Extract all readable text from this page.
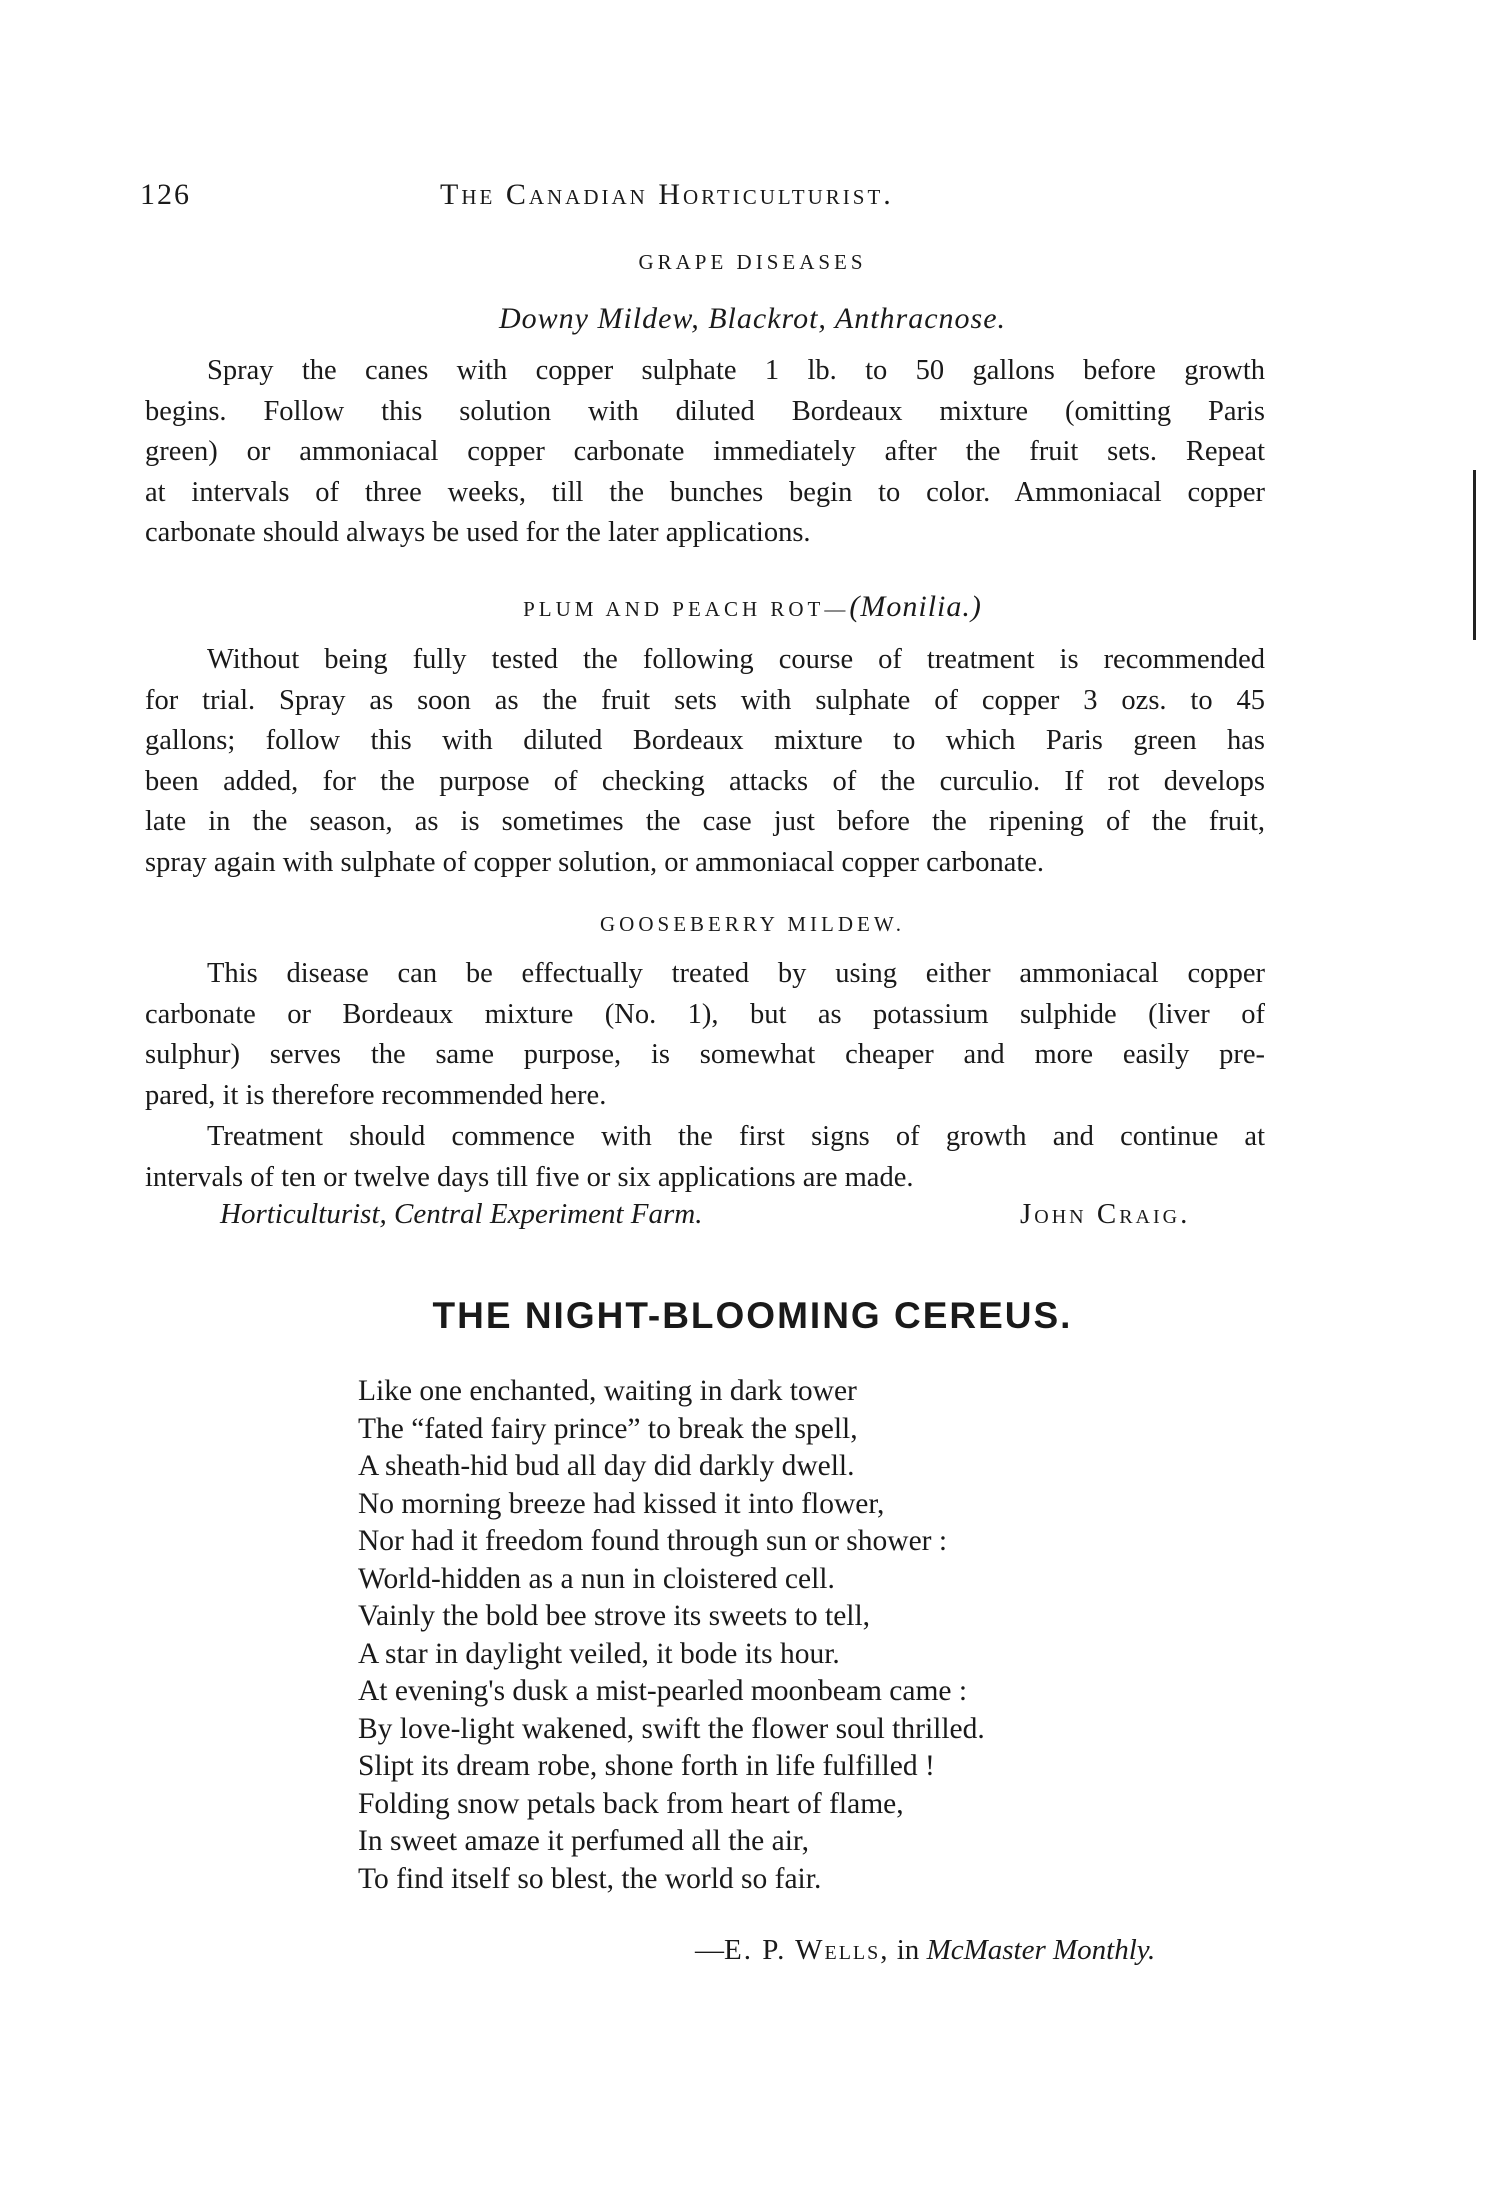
126	The Canadian Horticulturist.
GRAPE DISEASES
Downy Mildew, Blackrot, Anthracnose.
Spray the canes with copper sulphate 1 lb. to 50 gallons before growth
begins. Follow this solution with diluted Bordeaux mixture (omitting Paris
green) or ammoniacal copper carbonate immediately after the fruit sets. Repeat
at intervals of three weeks, till the bunches begin to color. Ammoniacal copper
carbonate should always be used for the later applications.
PLUM AND PEACH ROT—(Monilia.)
Without being fully tested the following course of treatment is recommended
for trial. Spray as soon as the fruit sets with sulphate of copper 3 ozs. to 45
gallons; follow this with diluted Bordeaux mixture to which Paris green has
been added, for the purpose of checking attacks of the curculio. If rot develops
late in the season, as is sometimes the case just before the ripening of the fruit,
spray again with sulphate of copper solution, or ammoniacal copper carbonate.
GOOSEBERRY MILDEW.
This disease can be effectually treated by using either ammoniacal copper
carbonate or Bordeaux mixture (No. 1), but as potassium sulphide (liver of
sulphur) serves the same purpose, is somewhat cheaper and more easily pre-
pared, it is therefore recommended here.
Treatment should commence with the first signs of growth and continue at
intervals of ten or twelve days till five or six applications are made.
Horticulturist, Central Experiment Farm.	John Craig.
THE NIGHT-BLOOMING CEREUS.
Like one enchanted, waiting in dark tower
The “fated fairy prince” to break the spell,
A sheath-hid bud all day did darkly dwell.
No morning breeze had kissed it into flower,
Nor had it freedom found through sun or shower :
World-hidden as a nun in cloistered cell.
Vainly the bold bee strove its sweets to tell,
A star in daylight veiled, it bode its hour.
At evening's dusk a mist-pearled moonbeam came :
By love-light wakened, swift the flower soul thrilled.
Slipt its dream robe, shone forth in life fulfilled !
Folding snow petals back from heart of flame,
In sweet amaze it perfumed all the air,
To find itself so blest, the world so fair.
—E. P. Wells, in McMaster Monthly.
